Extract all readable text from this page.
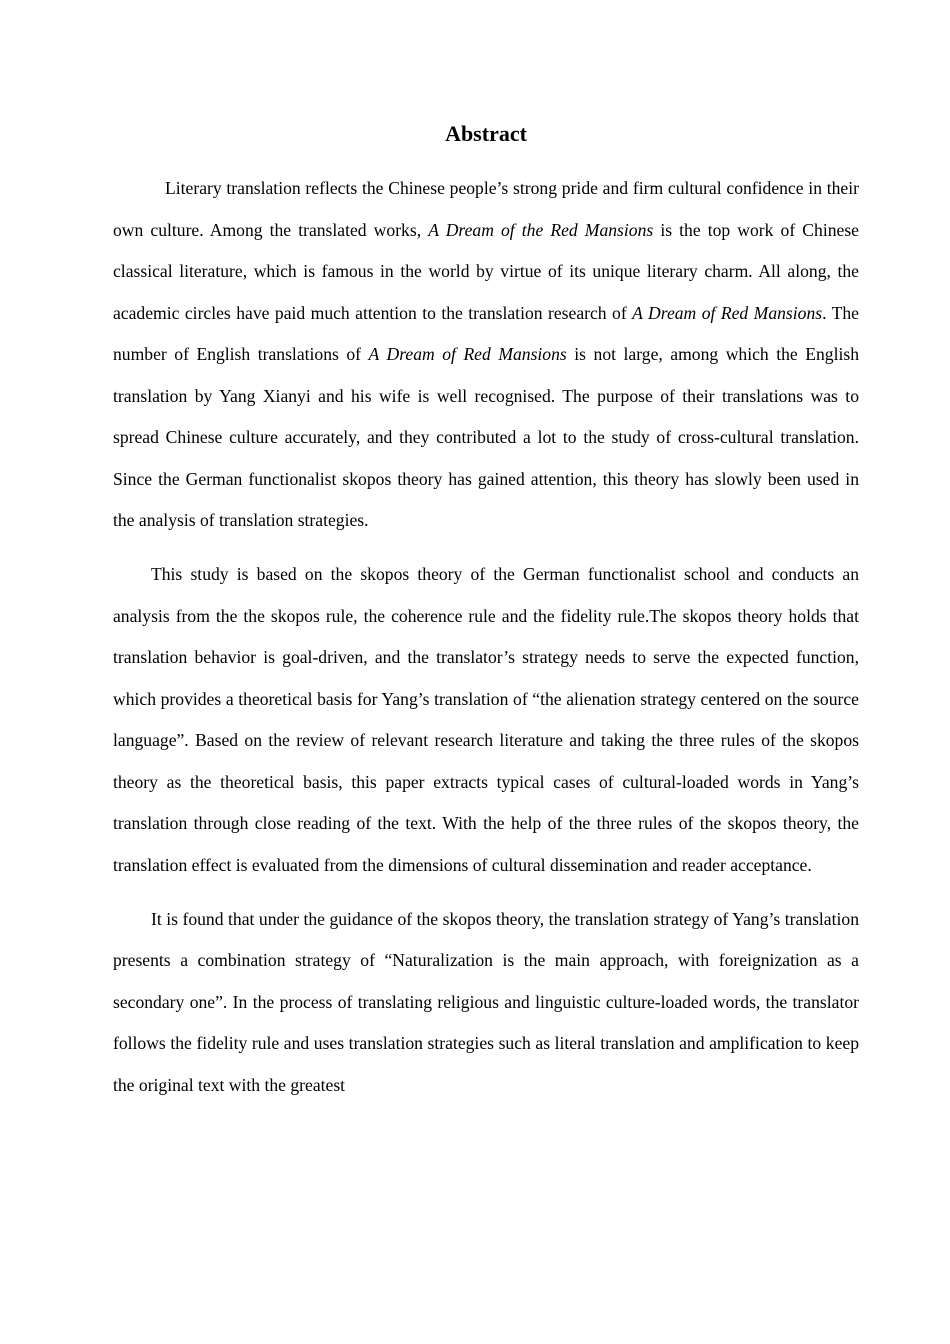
Abstract

Literary translation reflects the Chinese people’s strong pride and firm cultural confidence in their own culture. Among the translated works, A Dream of the Red Mansions is the top work of Chinese classical literature, which is famous in the world by virtue of its unique literary charm. All along, the academic circles have paid much attention to the translation research of A Dream of Red Mansions. The number of English translations of A Dream of Red Mansions is not large, among which the English translation by Yang Xianyi and his wife is well recognised. The purpose of their translations was to spread Chinese culture accurately, and they contributed a lot to the study of cross-cultural translation. Since the German functionalist skopos theory has gained attention, this theory has slowly been used in the analysis of translation strategies.

This study is based on the skopos theory of the German functionalist school and conducts an analysis from the the skopos rule, the coherence rule and the fidelity rule.The skopos theory holds that translation behavior is goal-driven, and the translator’s strategy needs to serve the expected function, which provides a theoretical basis for Yang’s translation of “the alienation strategy centered on the source language”. Based on the review of relevant research literature and taking the three rules of the skopos theory as the theoretical basis, this paper extracts typical cases of cultural-loaded words in Yang’s translation through close reading of the text. With the help of the three rules of the skopos theory, the translation effect is evaluated from the dimensions of cultural dissemination and reader acceptance.

It is found that under the guidance of the skopos theory, the translation strategy of Yang’s translation presents a combination strategy of “Naturalization is the main approach, with foreignization as a secondary one”. In the process of translating religious and linguistic culture-loaded words, the translator follows the fidelity rule and uses translation strategies such as literal translation and amplification to keep the original text with the greatest
